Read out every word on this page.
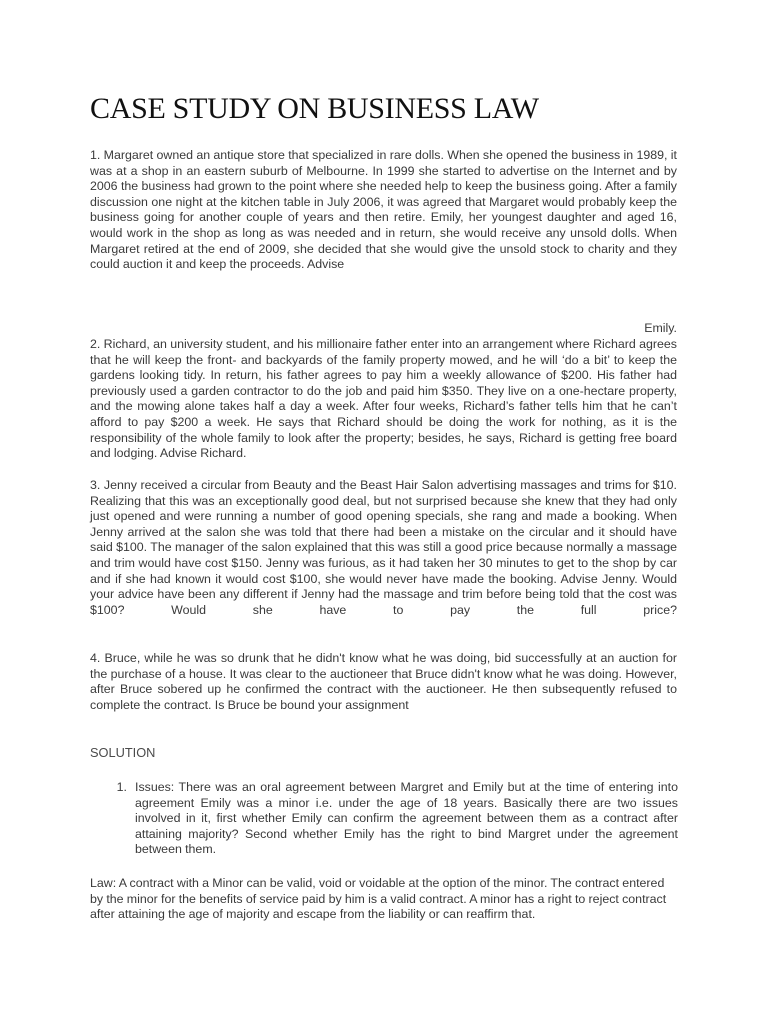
CASE STUDY ON BUSINESS LAW

1. Margaret owned an antique store that specialized in rare dolls. When she opened the business in 1989, it was at a shop in an eastern suburb of Melbourne. In 1999 she started to advertise on the Internet and by 2006 the business had grown to the point where she needed help to keep the business going. After a family discussion one night at the kitchen table in July 2006, it was agreed that Margaret would probably keep the business going for another couple of years and then retire. Emily, her youngest daughter and aged 16, would work in the shop as long as was needed and in return, she would receive any unsold dolls. When Margaret retired at the end of 2009, she decided that she would give the unsold stock to charity and they could auction it and keep the proceeds. Advise

Emily.

2. Richard, an university student, and his millionaire father enter into an arrangement where Richard agrees that he will keep the front- and backyards of the family property mowed, and he will ‘do a bit’ to keep the gardens looking tidy. In return, his father agrees to pay him a weekly allowance of $200. His father had previously used a garden contractor to do the job and paid him $350. They live on a one-hectare property, and the mowing alone takes half a day a week. After four weeks, Richard’s father tells him that he can’t afford to pay $200 a week. He says that Richard should be doing the work for nothing, as it is the responsibility of the whole family to look after the property; besides, he says, Richard is getting free board and lodging. Advise Richard.

3. Jenny received a circular from Beauty and the Beast Hair Salon advertising massages and trims for $10. Realizing that this was an exceptionally good deal, but not surprised because she knew that they had only just opened and were running a number of good opening specials, she rang and made a booking. When Jenny arrived at the salon she was told that there had been a mistake on the circular and it should have said $100. The manager of the salon explained that this was still a good price because normally a massage and trim would have cost $150. Jenny was furious, as it had taken her 30 minutes to get to the shop by car and if she had known it would cost $100, she would never have made the booking. Advise Jenny. Would your advice have been any different if Jenny had the massage and trim before being told that the cost was $100? Would she have to pay the full price?

4. Bruce, while he was so drunk that he didn't know what he was doing, bid successfully at an auction for the purchase of a house. It was clear to the auctioneer that Bruce didn't know what he was doing. However, after Bruce sobered up he confirmed the contract with the auctioneer. He then subsequently refused to complete the contract. Is Bruce be bound your assignment

SOLUTION

1. Issues: There was an oral agreement between Margret and Emily but at the time of entering into agreement Emily was a minor i.e. under the age of 18 years. Basically there are two issues involved in it, first whether Emily can confirm the agreement between them as a contract after attaining majority? Second whether Emily has the right to bind Margret under the agreement between them.

Law: A contract with a Minor can be valid, void or voidable at the option of the minor. The contract entered by the minor for the benefits of service paid by him is a valid contract. A minor has a right to reject contract after attaining the age of majority and escape from the liability or can reaffirm that.
